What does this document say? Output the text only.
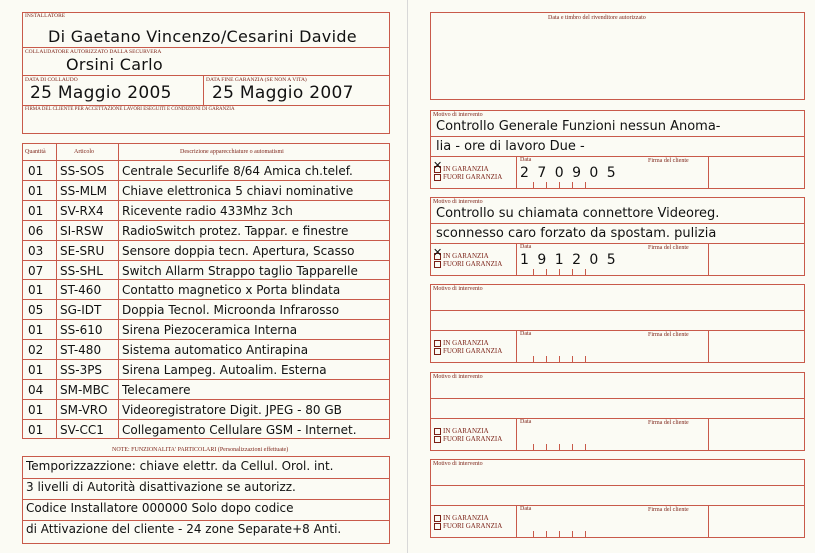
INSTALLATORE
Di Gaetano Vincenzo/Cesarini Davide
COLLAUDATORE AUTORIZZATO DALLA SECURVERA
Orsini Carlo
DATA DI COLLAUDO
25 Maggio 2005
DATA FINE GARANZIA (SE NON A VITA)
25 Maggio 2007
FIRMA DEL CLIENTE PER ACCETTAZIONE LAVORI ESEGUITI E CONDIZIONI DI GARANZIA
Quantità	Articolo	Descrizione apparecchiature o automatismi
01	SS-SOS	Centrale Securlife 8/64 Amica ch.telef.
01	SS-MLM	Chiave elettronica 5 chiavi nominative
01	SV-RX4	Ricevente radio 433Mhz 3ch
06	SI-RSW	RadioSwitch protez. Tappar. e finestre
03	SE-SRU	Sensore doppia tecn. Apertura, Scasso
07	SS-SHL	Switch Allarm Strappo taglio Tapparelle
01	ST-460	Contatto magnetico x Porta blindata
05	SG-IDT	Doppia Tecnol. Microonda Infrarosso
01	SS-610	Sirena Piezoceramica Interna
02	ST-480	Sistema automatico Antirapina
01	SS-3PS	Sirena Lampeg. Autoalim. Esterna
04	SM-MBC	Telecamere
01	SM-VRO	Videoregistratore Digit. JPEG - 80 GB
01	SV-CC1	Collegamento Cellulare GSM - Internet.
NOTE: FUNZIONALITA' PARTICOLARI (Personalizzazioni effettuate)
Temporizzazzione: chiave elettr. da Cellul. Orol. int.
3 livelli di Autorità disattivazione se autorizz.
Codice Installatore 000000 Solo dopo codice
di Attivazione del cliente - 24 zone Separate+8 Anti.
Data e timbro del rivenditore autorizzato
Motivo di intervento
Controllo Generale Funzioni nessun Anoma-
lia - ore di lavoro Due -
✕ IN GARANZIA
FUORI GARANZIA
Data
2 7 0 9 0 5
Firma del cliente
Motivo di intervento
Controllo su chiamata connettore Videoreg.
sconnesso caro forzato da spostam. pulizia
✕ IN GARANZIA
FUORI GARANZIA
Data
1 9 1 2 0 5
Firma del cliente
Motivo di intervento
IN GARANZIA
FUORI GARANZIA
Data	Firma del cliente
Motivo di intervento
IN GARANZIA
FUORI GARANZIA
Data	Firma del cliente
Motivo di intervento
IN GARANZIA
FUORI GARANZIA
Data	Firma del cliente
